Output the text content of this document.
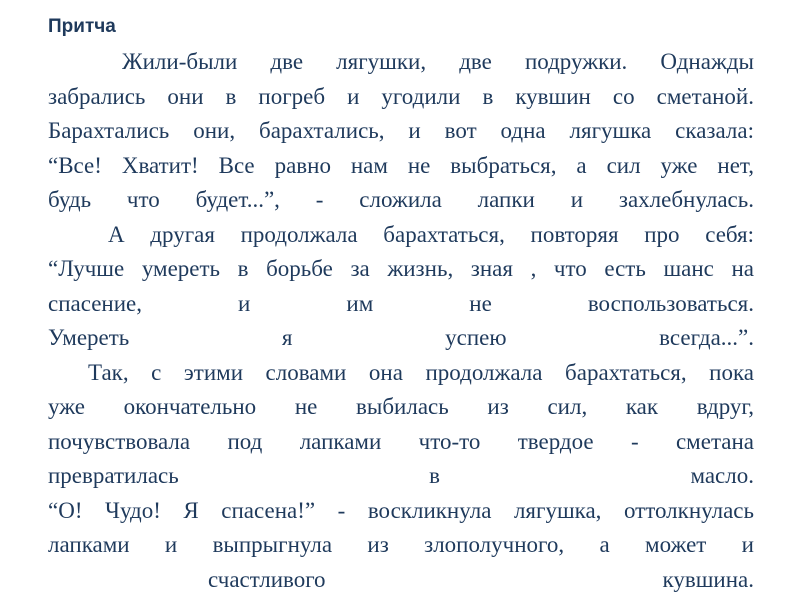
Притча
Жили-были две лягушки, две подружки. Однажды
забрались они в погреб и угодили в кувшин со сметаной.
Барахтались они, барахтались, и вот одна лягушка сказала:
“Все! Хватит! Все равно нам не выбраться, а сил уже нет,
будь что будет...”, - сложила лапки и захлебнулась.
А другая продолжала барахтаться, повторяя про себя:
“Лучше умереть в борьбе за жизнь, зная , что есть шанс на
спасение, и им не воспользоваться.
Умереть я успею всегда...”.
Так, с этими словами она продолжала барахтаться, пока
уже окончательно не выбилась из сил, как вдруг,
почувствовала под лапками что-то твердое - сметана
превратилась в масло.
“О! Чудо! Я спасена!” - воскликнула лягушка, оттолкнулась
лапками и выпрыгнула из злополучного, а может и
счастливого кувшина.
